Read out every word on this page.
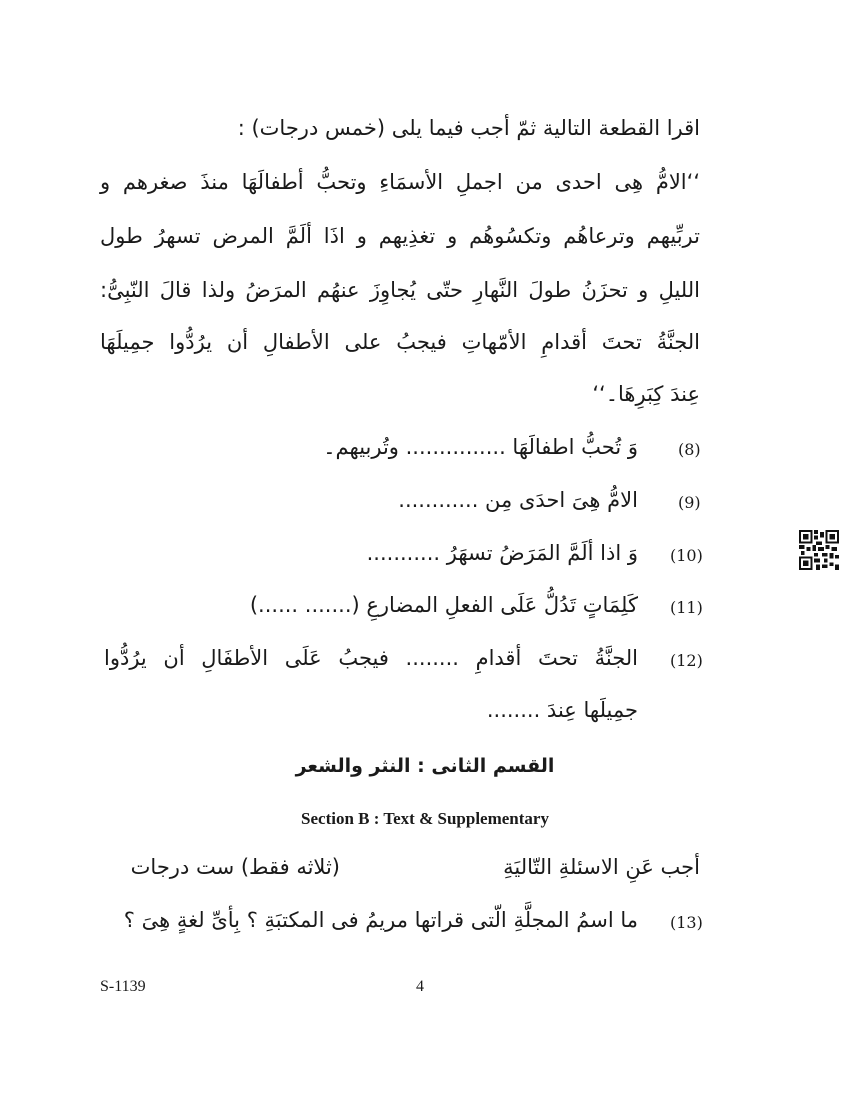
اقرا القطعة التالية ثمّ أجب فيما يلى (خمس درجات) :
‘‘الامُّ هِى احدى من اجملِ الأسمَاءِ وتحبُّ أطفالَهَا منذَ صغرهم و
تربِّيهم وترعاهُم وتكسُوهُم و تغذِيهم و اذَا ألَمَّ المرض تسهرُ طول
الليلِ و تحزَنُ طولَ النَّهارِ حتّى يُجاوِزَ عنهُم المرَضُ ولذا قالَ النّبِىُّ:
الجنَّةُ تحتَ أقدامِ الأمّهاتِ فيجبُ على الأطفالِ أن يرُدُّوا جمِيلَهَا
عِندَ كِبَرِهَا۔‘‘
(8)
وَ تُحبُّ اطفالَهَا ............... وتُربيهم۔
(9)
الامُّ هِىَ احدَى مِن ............
(10)
وَ اذا ألَمَّ المَرَضُ تسهَرُ ...........
(11)
كَلِمَاتٍ تَدُلُّ عَلَى الفعلِ المضارعِ (....... ......)
(12)
الجنَّةُ تحتَ أقدامِ ........ فيجبُ عَلَى الأطفَالِ أن يرُدُّوا
جمِيلَها عِندَ ........
القسم الثانى : النثر والشعر
Section B : Text & Supplementary
أجب عَنِ الاسئلةِ التّاليَةِ
(ثلاثه فقط) ست درجات
(13)
ما اسمُ المجلَّةِ الّتى قراتها مريمُ فى المكتبَةِ ؟ بِأىِّ لغةٍ هِىَ ؟
S-1139	4
